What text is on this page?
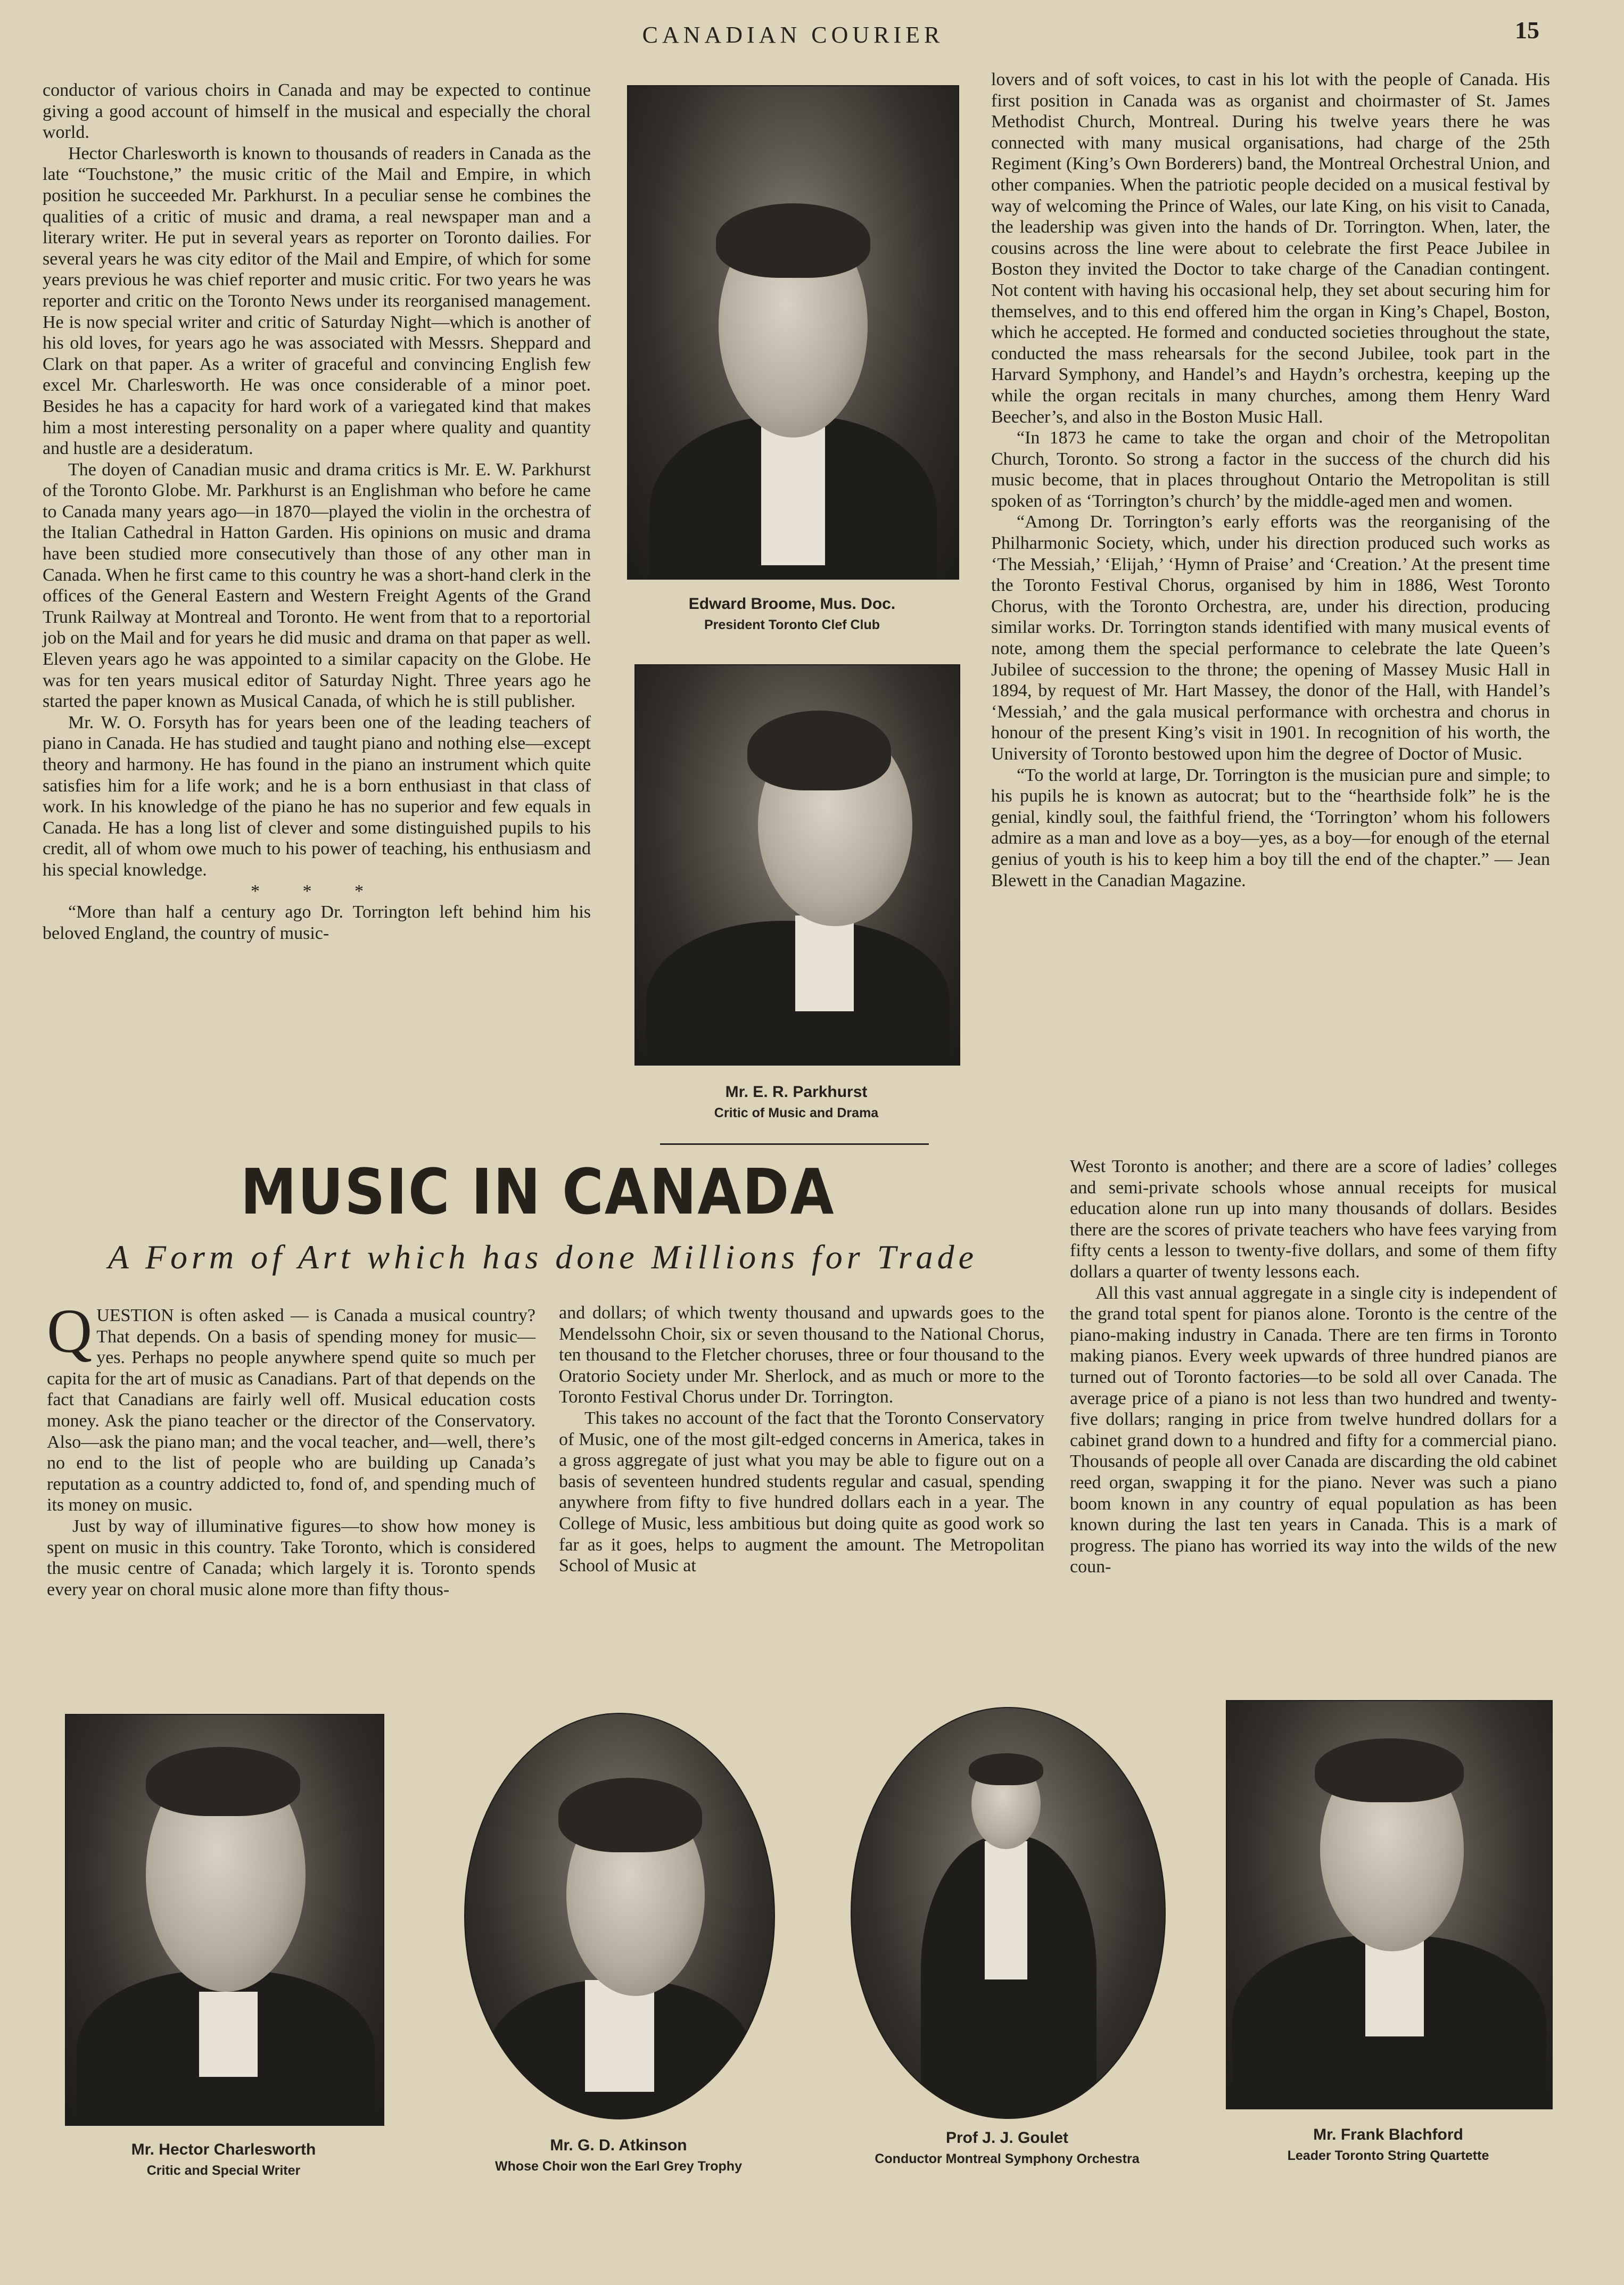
CANADIAN COURIER	15

conductor of various choirs in Canada and may be expected to continue giving a good account of himself in the musical and especially the choral world.

Hector Charlesworth is known to thousands of readers in Canada as the late “Touchstone,” the music critic of the Mail and Empire, in which position he succeeded Mr. Parkhurst. In a peculiar sense he combines the qualities of a critic of music and drama, a real newspaper man and a literary writer. He put in several years as reporter on Toronto dailies. For several years he was city editor of the Mail and Empire, of which for some years previous he was chief reporter and music critic. For two years he was reporter and critic on the Toronto News under its reorganised management. He is now special writer and critic of Saturday Night—which is another of his old loves, for years ago he was associated with Messrs. Sheppard and Clark on that paper. As a writer of graceful and convincing English few excel Mr. Charlesworth. He was once considerable of a minor poet. Besides he has a capacity for hard work of a variegated kind that makes him a most interesting personality on a paper where quality and quantity and hustle are a desideratum.

The doyen of Canadian music and drama critics is Mr. E. W. Parkhurst of the Toronto Globe. Mr. Parkhurst is an Englishman who before he came to Canada many years ago—in 1870—played the violin in the orchestra of the Italian Cathedral in Hatton Garden. His opinions on music and drama have been studied more consecutively than those of any other man in Canada. When he first came to this country he was a short-hand clerk in the offices of the General Eastern and Western Freight Agents of the Grand Trunk Railway at Montreal and Toronto. He went from that to a reportorial job on the Mail and for years he did music and drama on that paper as well. Eleven years ago he was appointed to a similar capacity on the Globe. He was for ten years musical editor of Saturday Night. Three years ago he started the paper known as Musical Canada, of which he is still publisher.

Mr. W. O. Forsyth has for years been one of the leading teachers of piano in Canada. He has studied and taught piano and nothing else—except theory and harmony. He has found in the piano an instrument which quite satisfies him for a life work; and he is a born enthusiast in that class of work. In his knowledge of the piano he has no superior and few equals in Canada. He has a long list of clever and some distinguished pupils to his credit, all of whom owe much to his power of teaching, his enthusiasm and his special knowledge.

* * *

“More than half a century ago Dr. Torrington left behind him his beloved England, the country of music-

Edward Broome, Mus. Doc.
President Toronto Clef Club
Mr. E. R. Parkhurst
Critic of Music and Drama

lovers and of soft voices, to cast in his lot with the people of Canada. His first position in Canada was as organist and choirmaster of St. James Methodist Church, Montreal. During his twelve years there he was connected with many musical organisations, had charge of the 25th Regiment (King’s Own Borderers) band, the Montreal Orchestral Union, and other companies. When the patriotic people decided on a musical festival by way of welcoming the Prince of Wales, our late King, on his visit to Canada, the leadership was given into the hands of Dr. Torrington. When, later, the cousins across the line were about to celebrate the first Peace Jubilee in Boston they invited the Doctor to take charge of the Canadian contingent. Not content with having his occasional help, they set about securing him for themselves, and to this end offered him the organ in King’s Chapel, Boston, which he accepted. He formed and conducted societies throughout the state, conducted the mass rehearsals for the second Jubilee, took part in the Harvard Symphony, and Handel’s and Haydn’s orchestra, keeping up the while the organ recitals in many churches, among them Henry Ward Beecher’s, and also in the Boston Music Hall.

“In 1873 he came to take the organ and choir of the Metropolitan Church, Toronto. So strong a factor in the success of the church did his music become, that in places throughout Ontario the Metropolitan is still spoken of as ‘Torrington’s church’ by the middle-aged men and women.

“Among Dr. Torrington’s early efforts was the reorganising of the Philharmonic Society, which, under his direction produced such works as ‘The Messiah,’ ‘Elijah,’ ‘Hymn of Praise’ and ‘Creation.’ At the present time the Toronto Festival Chorus, organised by him in 1886, West Toronto Chorus, with the Toronto Orchestra, are, under his direction, producing similar works. Dr. Torrington stands identified with many musical events of note, among them the special performance to celebrate the late Queen’s Jubilee of succession to the throne; the opening of Massey Music Hall in 1894, by request of Mr. Hart Massey, the donor of the Hall, with Handel’s ‘Messiah,’ and the gala musical performance with orchestra and chorus in honour of the present King’s visit in 1901. In recognition of his worth, the University of Toronto bestowed upon him the degree of Doctor of Music.

“To the world at large, Dr. Torrington is the musician pure and simple; to his pupils he is known as autocrat; but to the “hearthside folk” he is the genial, kindly soul, the faithful friend, the ‘Torrington’ whom his followers admire as a man and love as a boy—yes, as a boy—for enough of the eternal genius of youth is his to keep him a boy till the end of the chapter.” — Jean Blewett in the Canadian Magazine.

MUSIC IN CANADA
A Form of Art which has done Millions for Trade

QUESTION is often asked — is Canada a musical country? That depends. On a basis of spending money for music—yes. Perhaps no people anywhere spend quite so much per capita for the art of music as Canadians. Part of that depends on the fact that Canadians are fairly well off. Musical education costs money. Ask the piano teacher or the director of the Conservatory. Also—ask the piano man; and the vocal teacher, and—well, there’s no end to the list of people who are building up Canada’s reputation as a country addicted to, fond of, and spending much of its money on music.

Just by way of illuminative figures—to show how money is spent on music in this country. Take Toronto, which is considered the music centre of Canada; which largely it is. Toronto spends every year on choral music alone more than fifty thous-

and dollars; of which twenty thousand and upwards goes to the Mendelssohn Choir, six or seven thousand to the National Chorus, ten thousand to the Fletcher choruses, three or four thousand to the Oratorio Society under Mr. Sherlock, and as much or more to the Toronto Festival Chorus under Dr. Torrington.

This takes no account of the fact that the Toronto Conservatory of Music, one of the most gilt-edged concerns in America, takes in a gross aggregate of just what you may be able to figure out on a basis of seventeen hundred students regular and casual, spending anywhere from fifty to five hundred dollars each in a year. The College of Music, less ambitious but doing quite as good work so far as it goes, helps to augment the amount. The Metropolitan School of Music at

West Toronto is another; and there are a score of ladies’ colleges and semi-private schools whose annual receipts for musical education alone run up into many thousands of dollars. Besides there are the scores of private teachers who have fees varying from fifty cents a lesson to twenty-five dollars, and some of them fifty dollars a quarter of twenty lessons each.

All this vast annual aggregate in a single city is independent of the grand total spent for pianos alone. Toronto is the centre of the piano-making industry in Canada. There are ten firms in Toronto making pianos. Every week upwards of three hundred pianos are turned out of Toronto factories—to be sold all over Canada. The average price of a piano is not less than two hundred and twenty-five dollars; ranging in price from twelve hundred dollars for a cabinet grand down to a hundred and fifty for a commercial piano. Thousands of people all over Canada are discarding the old cabinet reed organ, swapping it for the piano. Never was such a piano boom known in any country of equal population as has been known during the last ten years in Canada. This is a mark of progress. The piano has worried its way into the wilds of the new coun-

Mr. Hector Charlesworth
Critic and Special Writer
Mr. G. D. Atkinson
Whose Choir won the Earl Grey Trophy
Prof J. J. Goulet
Conductor Montreal Symphony Orchestra
Mr. Frank Blachford
Leader Toronto String Quartette
